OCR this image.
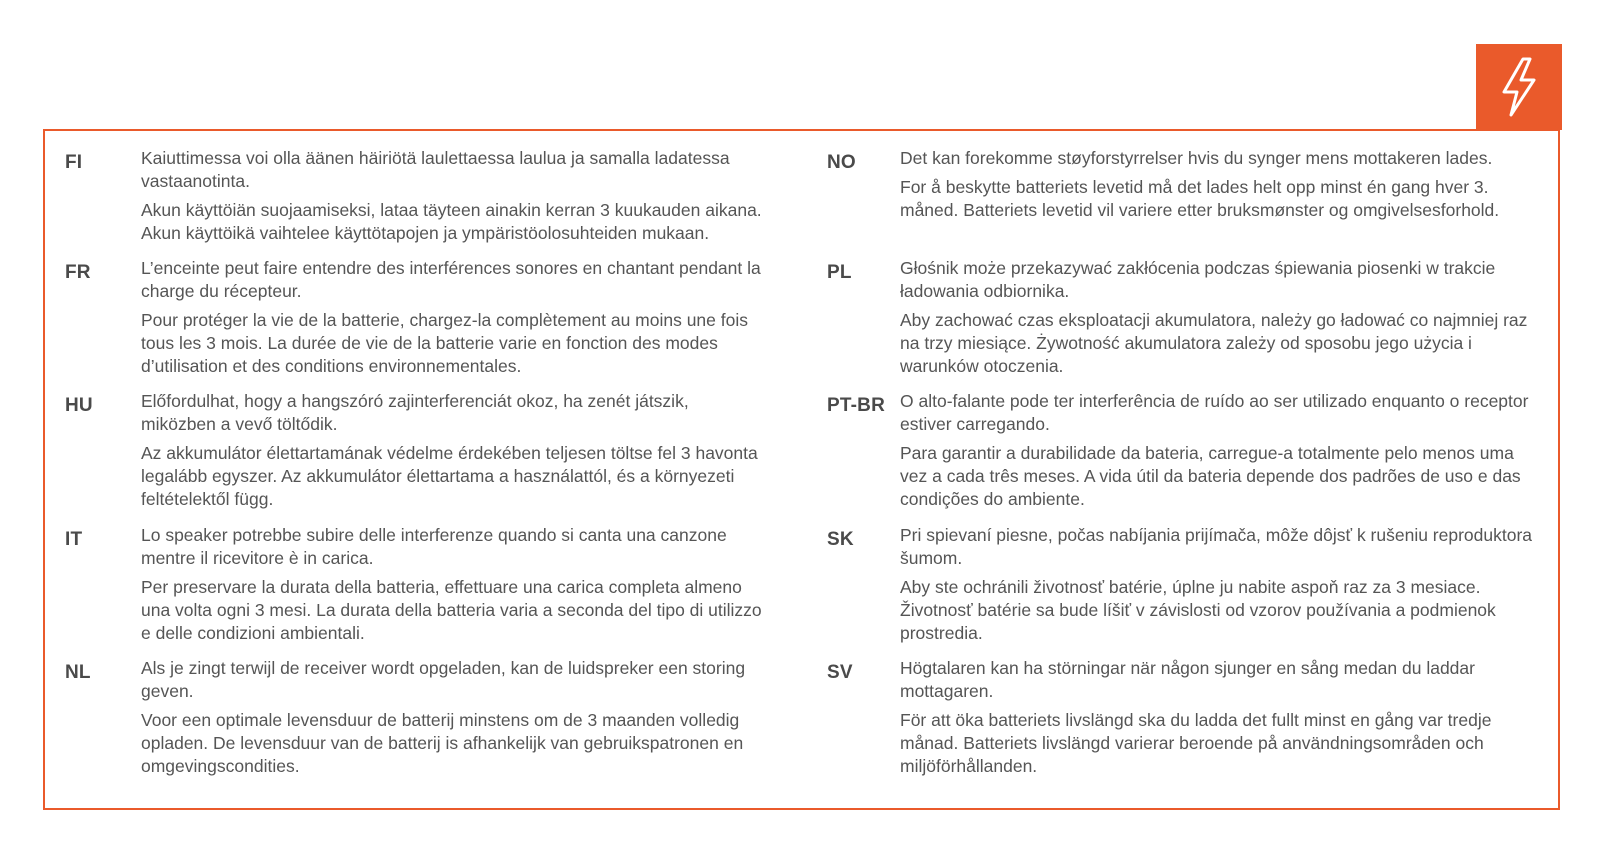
FI	Kaiuttimessa voi olla äänen häiriötä laulettaessa laulua ja samalla ladatessa vastaanotinta.

Akun käyttöiän suojaamiseksi, lataa täyteen ainakin kerran 3 kuukauden aikana. Akun käyttöikä vaihtelee käyttötapojen ja ympäristöolosuhteiden mukaan.

FR	L’enceinte peut faire entendre des interférences sonores en chantant pendant la charge du récepteur.

Pour protéger la vie de la batterie, chargez-la complètement au moins une fois tous les 3 mois. La durée de vie de la batterie varie en fonction des modes d’utilisation et des conditions environnementales.

HU	Előfordulhat, hogy a hangszóró zajinterferenciát okoz, ha zenét játszik, miközben a vevő töltődik.

Az akkumulátor élettartamának védelme érdekében teljesen töltse fel 3 havonta legalább egyszer. Az akkumulátor élettartama a használattól, és a környezeti feltételektől függ.

IT	Lo speaker potrebbe subire delle interferenze quando si canta una canzone mentre il ricevitore è in carica.

Per preservare la durata della batteria, effettuare una carica completa almeno una volta ogni 3 mesi. La durata della batteria varia a seconda del tipo di utilizzo e delle condizioni ambientali.

NL	Als je zingt terwijl de receiver wordt opgeladen, kan de luidspreker een storing geven.

Voor een optimale levensduur de batterij minstens om de 3 maanden volledig opladen. De levensduur van de batterij is afhankelijk van gebruikspatronen en omgevingscondities.

NO	Det kan forekomme støyforstyrrelser hvis du synger mens mottakeren lades.

For å beskytte batteriets levetid må det lades helt opp minst én gang hver 3. måned. Batteriets levetid vil variere etter bruksmønster og omgivelsesforhold.

PL	Głośnik może przekazywać zakłócenia podczas śpiewania piosenki w trakcie ładowania odbiornika.

Aby zachować czas eksploatacji akumulatora, należy go ładować co najmniej raz na trzy miesiące. Żywotność akumulatora zależy od sposobu jego użycia i warunków otoczenia.

PT-BR O alto-falante pode ter interferência de ruído ao ser utilizado enquanto o receptor estiver carregando.

Para garantir a durabilidade da bateria, carregue-a totalmente pelo menos uma vez a cada três meses. A vida útil da bateria depende dos padrões de uso e das condições do ambiente.

SK	Pri spievaní piesne, počas nabíjania prijímača, môže dôjsť k rušeniu reproduktora šumom.

Aby ste ochránili životnosť batérie, úplne ju nabite aspoň raz za 3 mesiace. Životnosť batérie sa bude líšiť v závislosti od vzorov používania a podmienok prostredia.

SV	Högtalaren kan ha störningar när någon sjunger en sång medan du laddar mottagaren.

För att öka batteriets livslängd ska du ladda det fullt minst en gång var tredje månad. Batteriets livslängd varierar beroende på användningsområden och miljöförhållanden.
